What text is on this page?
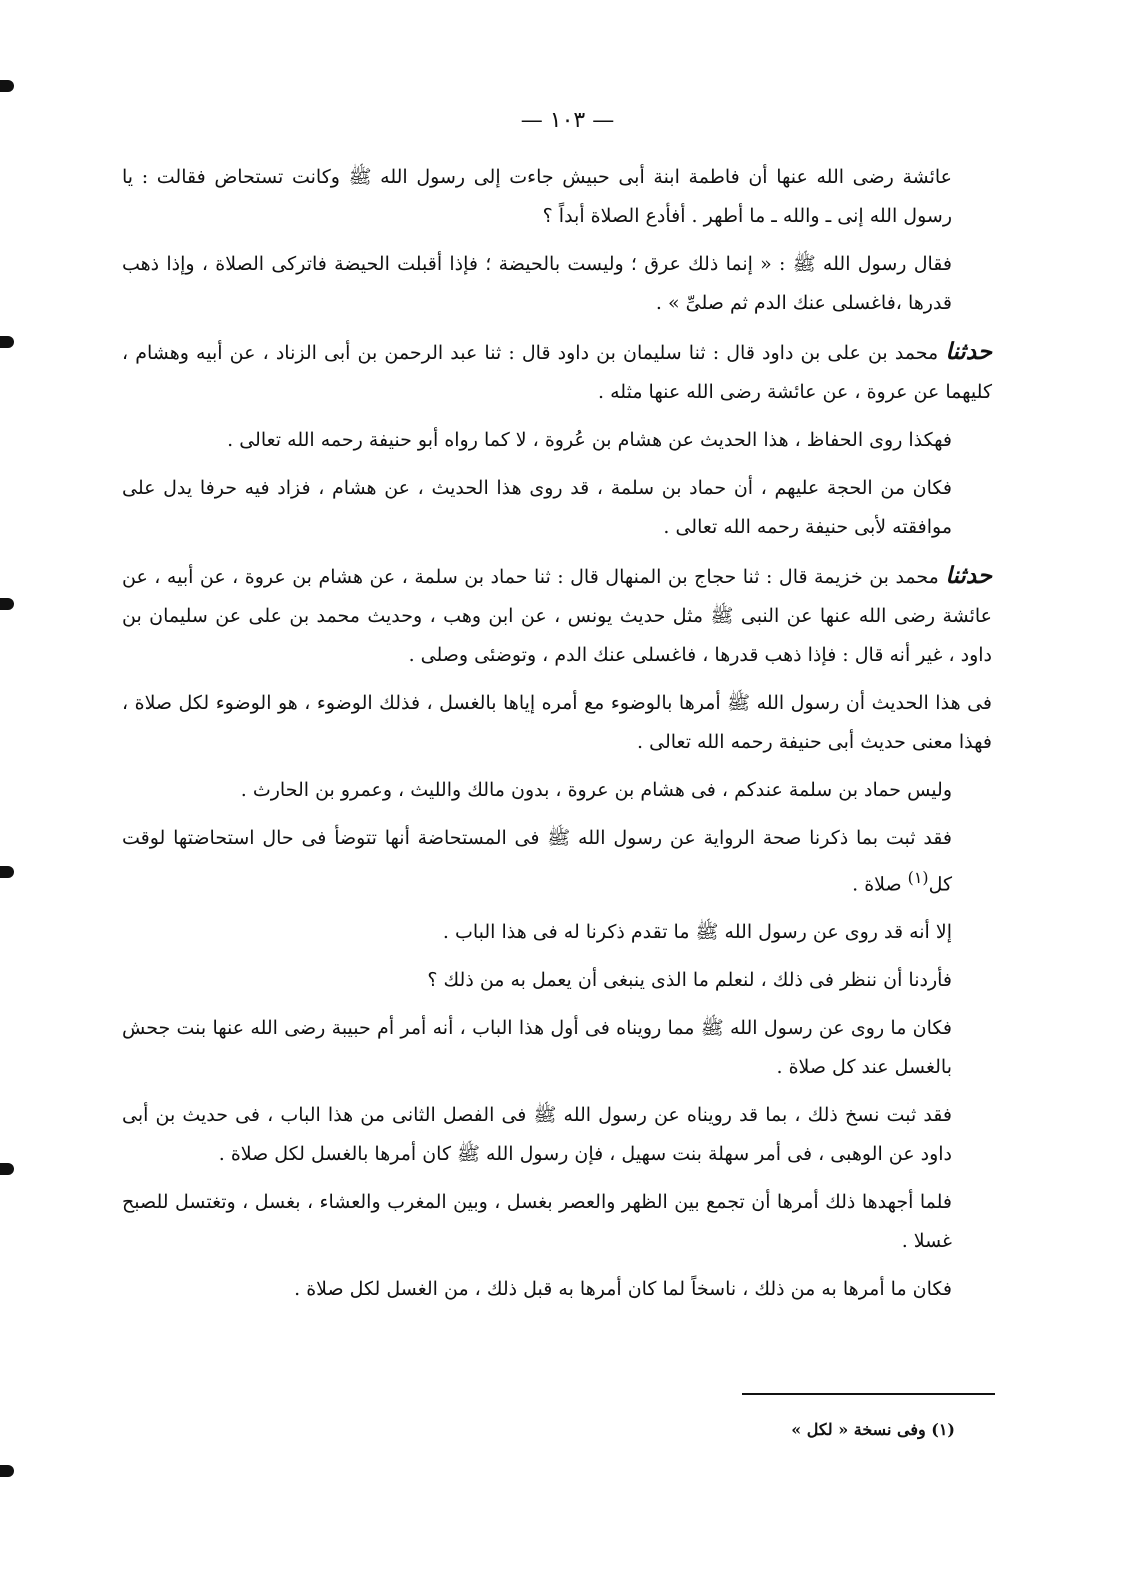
— ١٠٣ —

عائشة رضى الله عنها أن فاطمة ابنة أبى حبيش جاءت إلى رسول الله ﷺ وكانت تستحاض فقالت : يا رسول الله إنى ـ والله ـ ما أطهر . أفأدع الصلاة أبداً ؟

فقال رسول الله ﷺ : « إنما ذلك عرق ؛ وليست بالحيضة ؛ فإذا أقبلت الحيضة فاتركى الصلاة ، وإذا ذهب قدرها ،فاغسلى عنك الدم ثم صلىِّ » .

حدثنا محمد بن على بن داود قال : ثنا سليمان بن داود قال : ثنا عبد الرحمن بن أبى الزناد ، عن أبيه وهشام ، كليهما عن عروة ، عن عائشة رضى الله عنها مثله .

فهكذا روى الحفاظ ، هذا الحديث عن هشام بن عُروة ، لا كما رواه أبو حنيفة رحمه الله تعالى .

فكان من الحجة عليهم ، أن حماد بن سلمة ، قد روى هذا الحديث ، عن هشام ، فزاد فيه حرفا يدل على موافقته لأبى حنيفة رحمه الله تعالى .

حدثنا محمد بن خزيمة قال : ثنا حجاج بن المنهال قال : ثنا حماد بن سلمة ، عن هشام بن عروة ، عن أبيه ، عن عائشة رضى الله عنها عن النبى ﷺ مثل حديث يونس ، عن ابن وهب ، وحديث محمد بن على عن سليمان بن داود ، غير أنه قال : فإذا ذهب قدرها ، فاغسلى عنك الدم ، وتوضئى وصلى .

فى هذا الحديث أن رسول الله ﷺ أمرها بالوضوء مع أمره إياها بالغسل ، فذلك الوضوء ، هو الوضوء لكل صلاة ، فهذا معنى حديث أبى حنيفة رحمه الله تعالى .

وليس حماد بن سلمة عندكم ، فى هشام بن عروة ، بدون مالك والليث ، وعمرو بن الحارث .

فقد ثبت بما ذكرنا صحة الرواية عن رسول الله ﷺ فى المستحاضة أنها تتوضأ فى حال استحاضتها لوقت كل$^{(١)}$ صلاة .

إلا أنه قد روى عن رسول الله ﷺ ما تقدم ذكرنا له فى هذا الباب .

فأردنا أن ننظر فى ذلك ، لنعلم ما الذى ينبغى أن يعمل به من ذلك ؟

فكان ما روى عن رسول الله ﷺ مما رويناه فى أول هذا الباب ، أنه أمر أم حبيبة رضى الله عنها بنت جحش بالغسل عند كل صلاة .

فقد ثبت نسخ ذلك ، بما قد رويناه عن رسول الله ﷺ فى الفصل الثانى من هذا الباب ، فى حديث بن أبى داود عن الوهبى ، فى أمر سهلة بنت سهيل ، فإن رسول الله ﷺ كان أمرها بالغسل لكل صلاة .

فلما أجهدها ذلك أمرها أن تجمع بين الظهر والعصر بغسل ، وبين المغرب والعشاء ، بغسل ، وتغتسل للصبح غسلا .

فكان ما أمرها به من ذلك ، ناسخاً لما كان أمرها به قبل ذلك ، من الغسل لكل صلاة .

(١) وفى نسخة « لكل »
